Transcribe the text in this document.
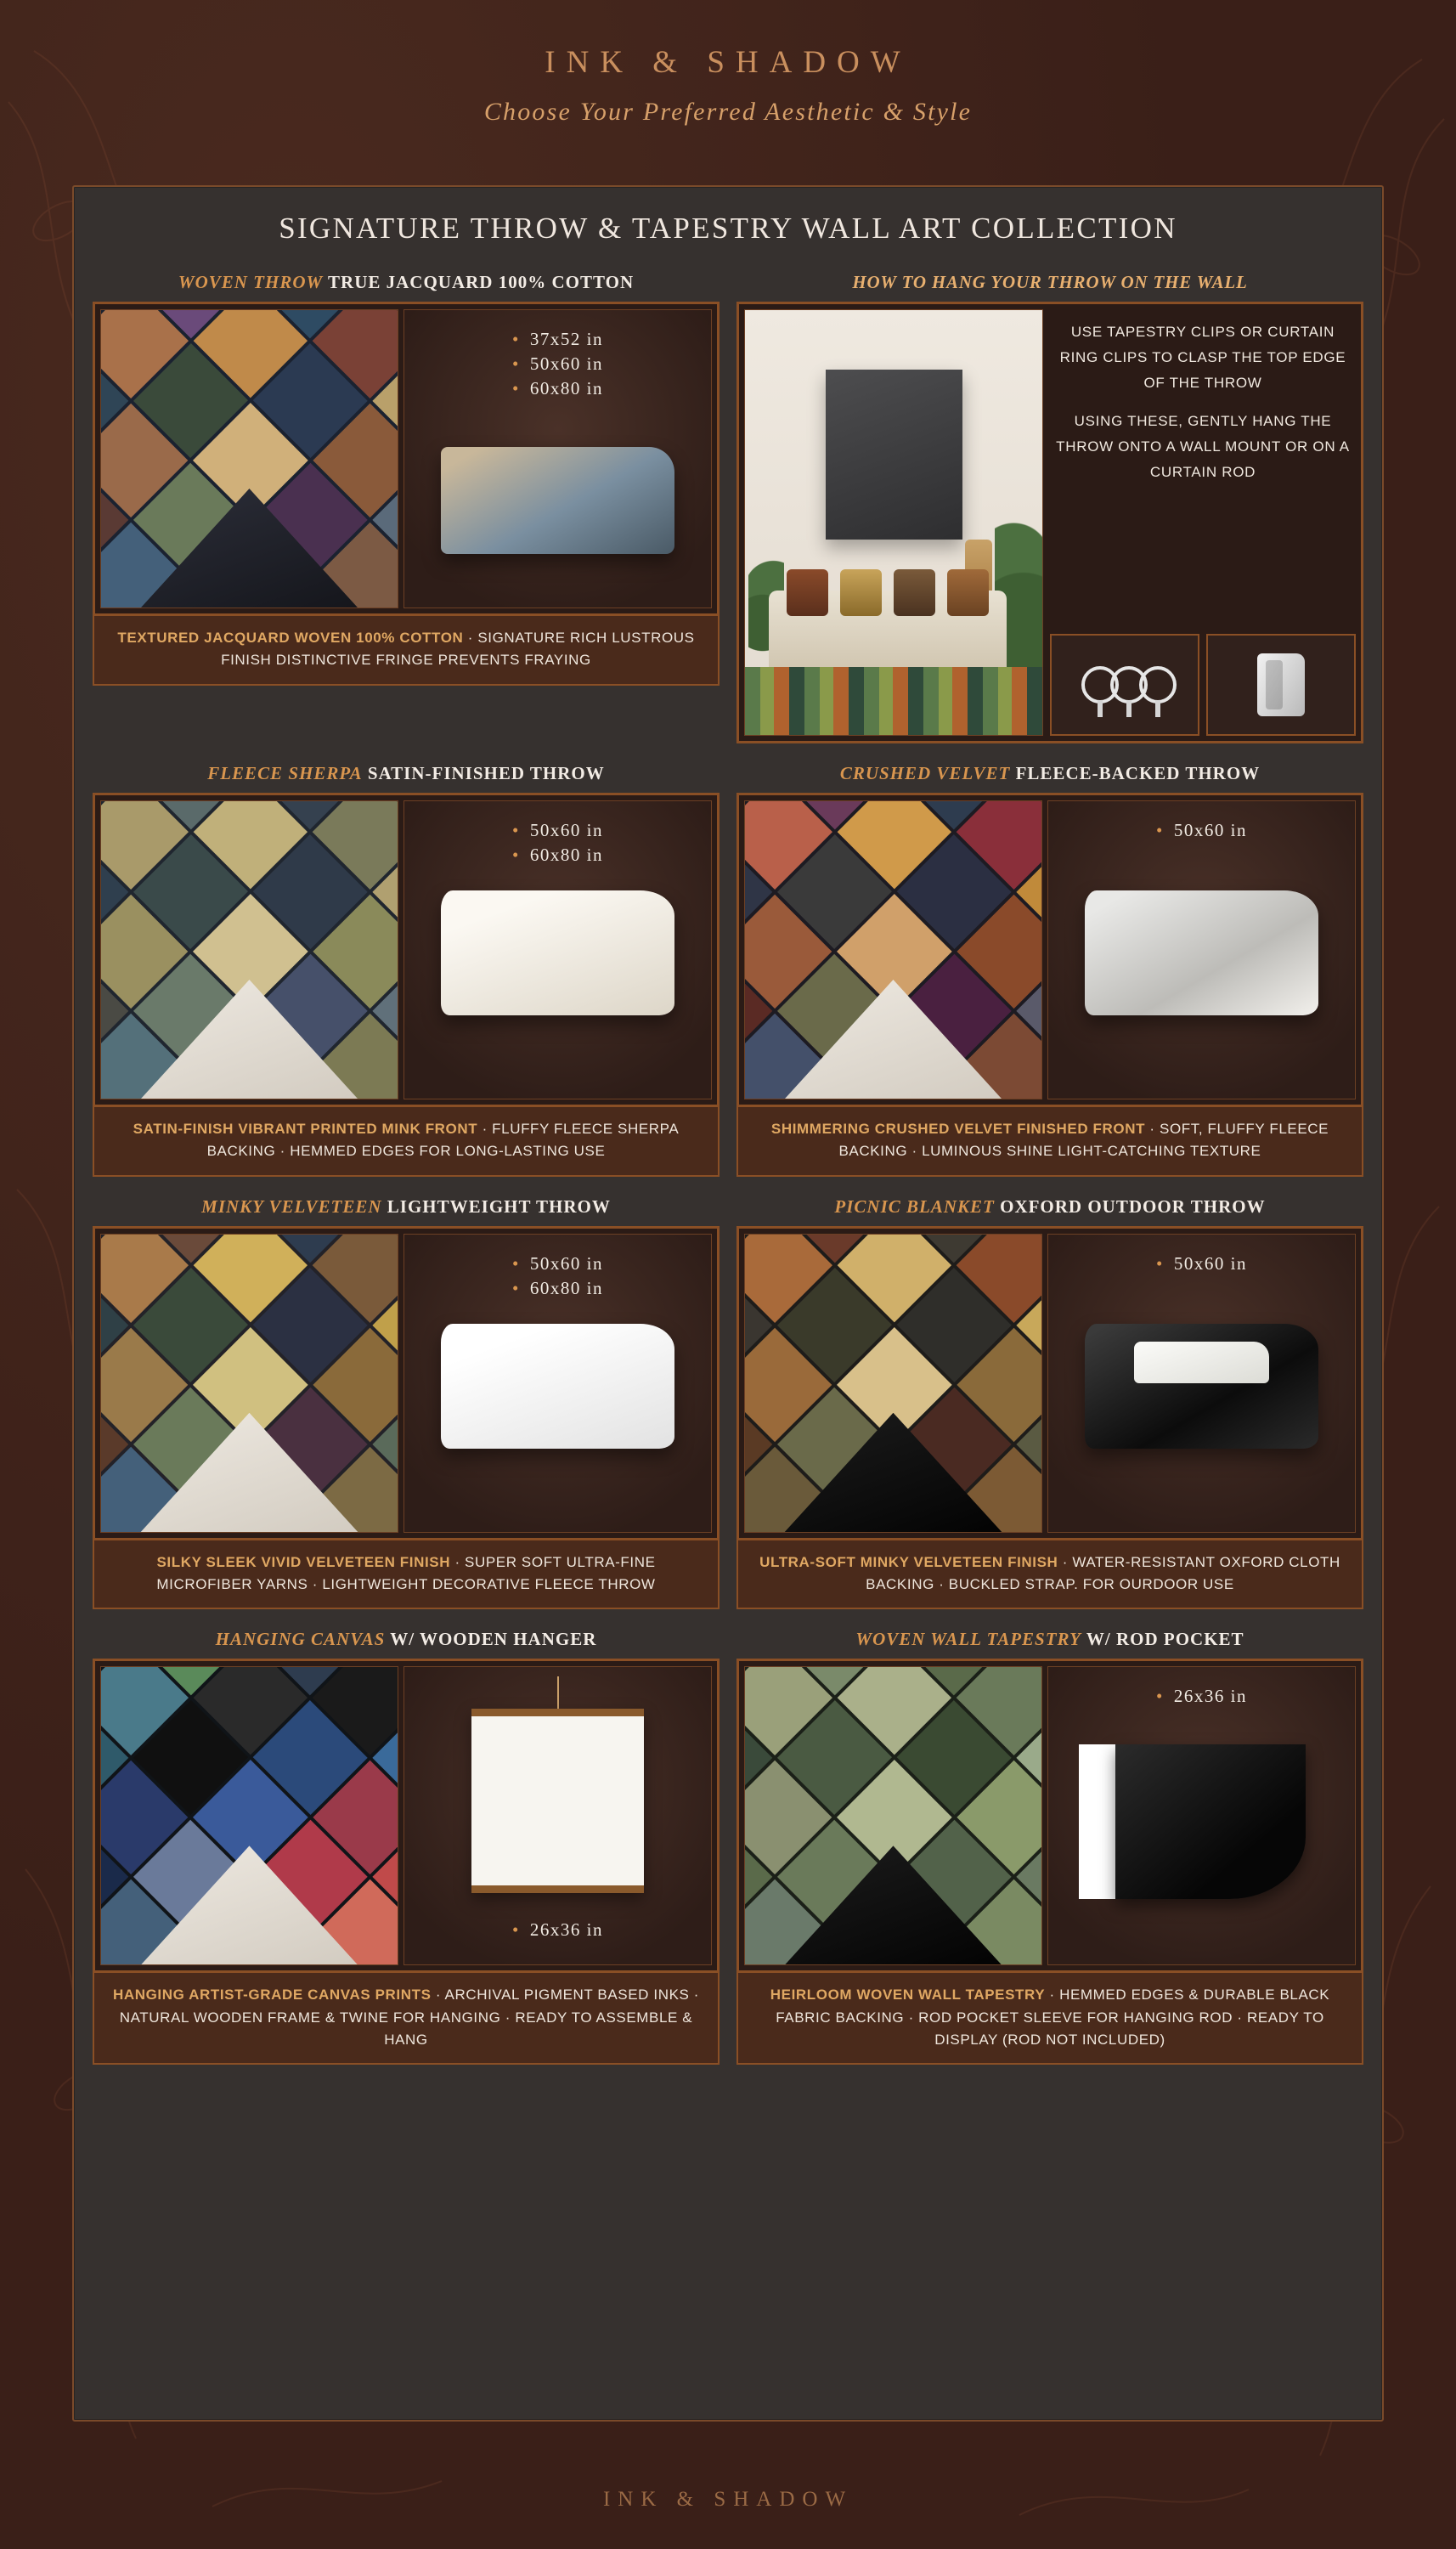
INK & SHADOW
Choose Your Preferred Aesthetic & Style
SIGNATURE THROW & TAPESTRY WALL ART COLLECTION
WOVEN THROW TRUE JACQUARD 100% COTTON
• 37x52 in
• 50x60 in
• 60x80 in
TEXTURED JACQUARD WOVEN 100% COTTON · SIGNATURE RICH LUSTROUS FINISH DISTINCTIVE FRINGE PREVENTS FRAYING
HOW TO HANG YOUR THROW ON THE WALL

USE TAPESTRY CLIPS OR CURTAIN RING CLIPS TO CLASP THE TOP EDGE OF THE THROW

USING THESE, GENTLY HANG THE THROW ONTO A WALL MOUNT OR ON A CURTAIN ROD

FLEECE SHERPA SATIN-FINISHED THROW
• 50x60 in
• 60x80 in
SATIN-FINISH VIBRANT PRINTED MINK FRONT · FLUFFY FLEECE SHERPA BACKING · HEMMED EDGES FOR LONG-LASTING USE
CRUSHED VELVET FLEECE-BACKED THROW
• 50x60 in
SHIMMERING CRUSHED VELVET FINISHED FRONT · SOFT, FLUFFY FLEECE BACKING · LUMINOUS SHINE LIGHT-CATCHING TEXTURE
MINKY VELVETEEN LIGHTWEIGHT THROW
• 50x60 in
• 60x80 in
SILKY SLEEK VIVID VELVETEEN FINISH · SUPER SOFT ULTRA-FINE MICROFIBER YARNS · LIGHTWEIGHT DECORATIVE FLEECE THROW
PICNIC BLANKET OXFORD OUTDOOR THROW
• 50x60 in
ULTRA-SOFT MINKY VELVETEEN FINISH · WATER-RESISTANT OXFORD CLOTH BACKING · BUCKLED STRAP. FOR OURDOOR USE
HANGING CANVAS W/ WOODEN HANGER
• 26x36 in
HANGING ARTIST-GRADE CANVAS PRINTS · ARCHIVAL PIGMENT BASED INKS · NATURAL WOODEN FRAME & TWINE FOR HANGING · READY TO ASSEMBLE & HANG
WOVEN WALL TAPESTRY W/ ROD POCKET
• 26x36 in
HEIRLOOM WOVEN WALL TAPESTRY · HEMMED EDGES & DURABLE BLACK FABRIC BACKING · ROD POCKET SLEEVE FOR HANGING ROD · READY TO DISPLAY (ROD NOT INCLUDED)
INK & SHADOW
